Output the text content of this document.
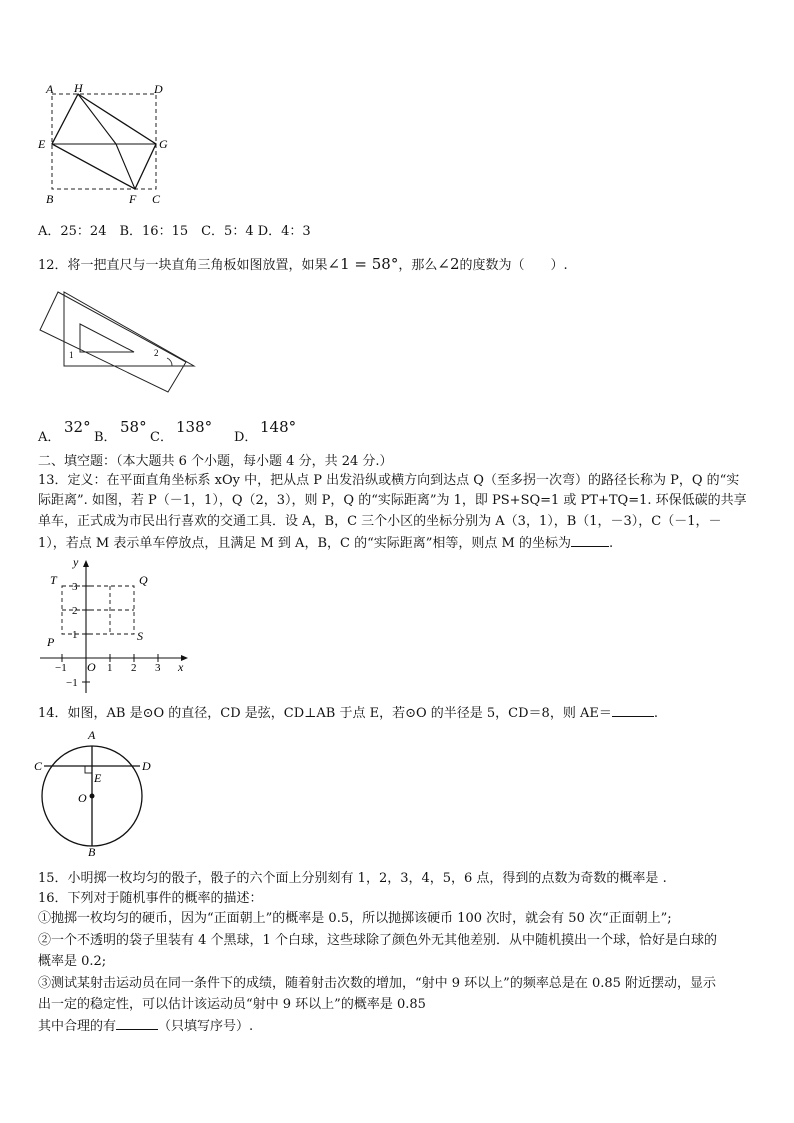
A H	D
E	G
B	F C
A．25：24　B．16：15　C．5：4 D．4：3
12．将一把直尺与一块直角三角板如图放置，如果∠1 = 58°，那么∠2的度数为（　　）.
1	2
A．
32°
B．
58°
C．
138°
D．
148°
二、填空题：（本大题共 6 个小题，每小题 4 分，共 24 分.）
13．定义：在平面直角坐标系 xOy 中，把从点 P 出发沿纵或横方向到达点 Q（至多拐一次弯）的路径长称为 P，Q 的“实
际距离”. 如图，若 P（－1，1），Q（2，3），则 P，Q 的“实际距离”为 1，即 PS+SQ=1 或 PT+TQ=1. 环保低碳的共享
单车，正式成为市民出行喜欢的交通工具．设 A，B，C 三个小区的坐标分别为 A（3，1），B（1，－3），C（－1，－
1），若点 M 表示单车停放点，且满足 M 到 A，B，C 的“实际距离”相等，则点 M 的坐标为	.
y
T	Q
P	S
O	x
3
2
1
−1	1 2 3
−1
14．如图，AB 是⊙O 的直径，CD 是弦，CD⊥AB 于点 E，若⊙O 的半径是 5，CD＝8，则 AE＝	.
A
C	D
E
O
B
15．小明掷一枚均匀的骰子，骰子的六个面上分别刻有 1，2，3，4，5，6 点，得到的点数为奇数的概率是 .
16．下列对于随机事件的概率的描述：
①抛掷一枚均匀的硬币，因为“正面朝上”的概率是 0.5，所以抛掷该硬币 100 次时，就会有 50 次“正面朝上”;
②一个不透明的袋子里装有 4 个黑球，1 个白球，这些球除了颜色外无其他差别．从中随机摸出一个球，恰好是白球的
概率是 0.2;
③测试某射击运动员在同一条件下的成绩，随着射击次数的增加，“射中 9 环以上”的频率总是在 0.85 附近摆动，显示
出一定的稳定性，可以估计该运动员“射中 9 环以上”的概率是 0.85
其中合理的有	（只填写序号）.
